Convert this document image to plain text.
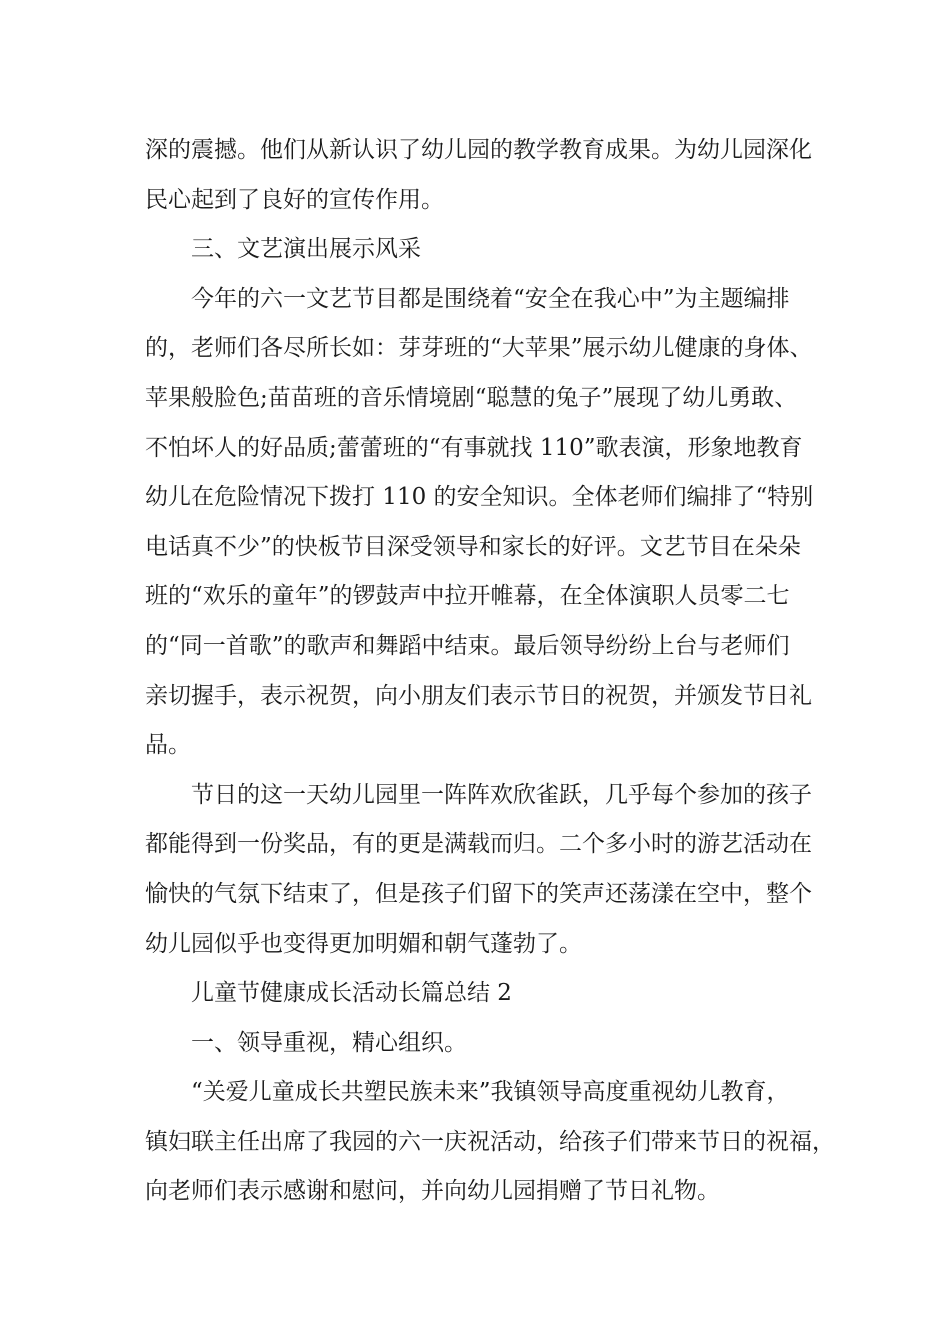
深的震撼。他们从新认识了幼儿园的教学教育成果。为幼儿园深化
民心起到了良好的宣传作用。
三、文艺演出展示风采
今年的六一文艺节目都是围绕着“安全在我心中”为主题编排
的，老师们各尽所长如：芽芽班的“大苹果”展示幼儿健康的身体、
苹果般脸色;苗苗班的音乐情境剧“聪慧的兔子”展现了幼儿勇敢、
不怕坏人的好品质;蕾蕾班的“有事就找 110”歌表演，形象地教育
幼儿在危险情况下拨打 110 的安全知识。全体老师们编排了“特别
电话真不少”的快板节目深受领导和家长的好评。文艺节目在朵朵
班的“欢乐的童年”的锣鼓声中拉开帷幕，在全体演职人员零二七
的“同一首歌”的歌声和舞蹈中结束。最后领导纷纷上台与老师们
亲切握手，表示祝贺，向小朋友们表示节日的祝贺，并颁发节日礼
品。
节日的这一天幼儿园里一阵阵欢欣雀跃，几乎每个参加的孩子
都能得到一份奖品，有的更是满载而归。二个多小时的游艺活动在
愉快的气氛下结束了，但是孩子们留下的笑声还荡漾在空中，整个
幼儿园似乎也变得更加明媚和朝气蓬勃了。
儿童节健康成长活动长篇总结 2
一、领导重视，精心组织。
“关爱儿童成长共塑民族未来”我镇领导高度重视幼儿教育，
镇妇联主任出席了我园的六一庆祝活动，给孩子们带来节日的祝福，
向老师们表示感谢和慰问，并向幼儿园捐赠了节日礼物。
